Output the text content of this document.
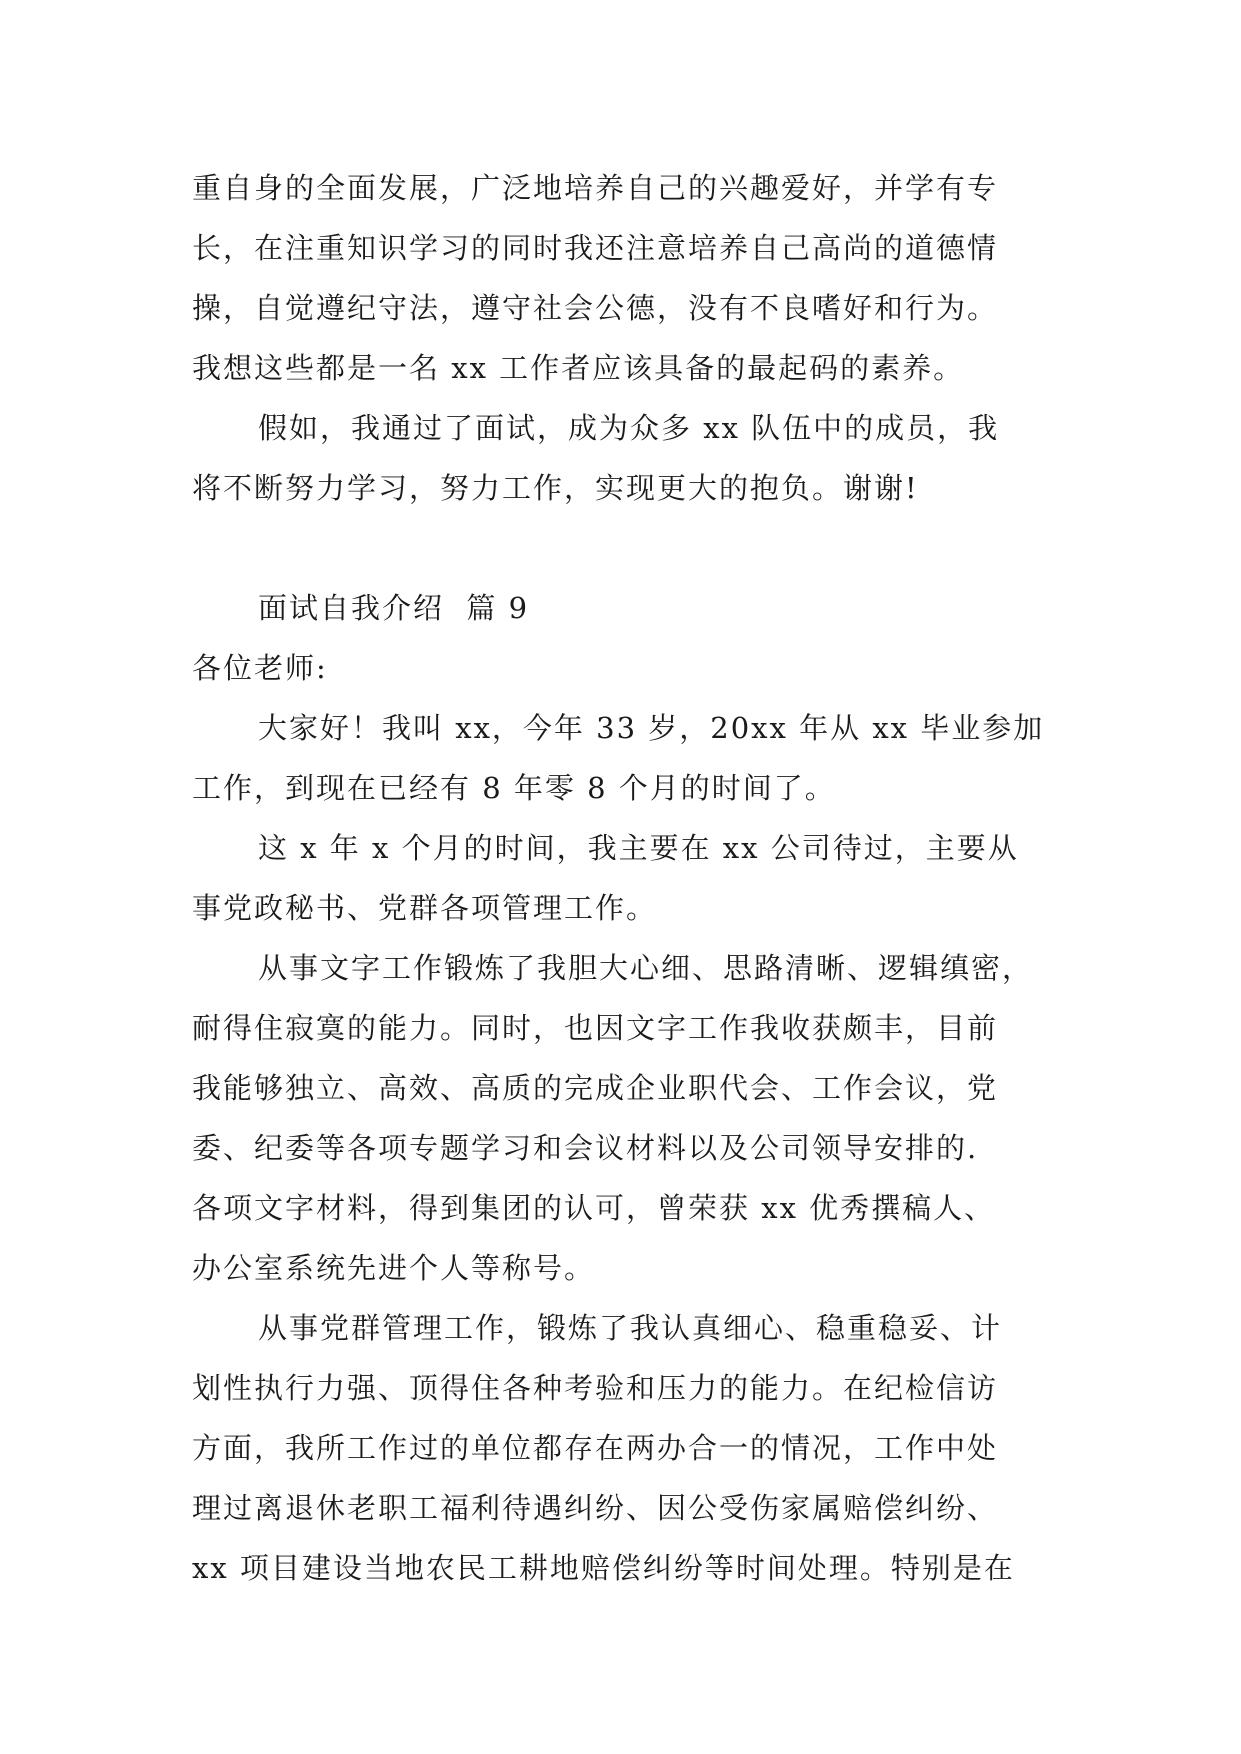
重自身的全面发展，广泛地培养自己的兴趣爱好，并学有专
长，在注重知识学习的同时我还注意培养自己高尚的道德情
操，自觉遵纪守法，遵守社会公德，没有不良嗜好和行为。
我想这些都是一名 xx 工作者应该具备的最起码的素养。
假如，我通过了面试，成为众多 xx 队伍中的成员，我
将不断努力学习，努力工作，实现更大的抱负。谢谢!
面试自我介绍  篇 9
各位老师:
大家好！我叫 xx，今年 33 岁，20xx 年从 xx 毕业参加
工作，到现在已经有 8 年零 8 个月的时间了。
这 x 年 x 个月的时间，我主要在 xx 公司待过，主要从
事党政秘书、党群各项管理工作。
从事文字工作锻炼了我胆大心细、思路清晰、逻辑缜密，
耐得住寂寞的能力。同时，也因文字工作我收获颇丰，目前
我能够独立、高效、高质的完成企业职代会、工作会议，党
委、纪委等各项专题学习和会议材料以及公司领导安排的.
各项文字材料，得到集团的认可，曾荣获 xx 优秀撰稿人、
办公室系统先进个人等称号。
从事党群管理工作，锻炼了我认真细心、稳重稳妥、计
划性执行力强、顶得住各种考验和压力的能力。在纪检信访
方面，我所工作过的单位都存在两办合一的情况，工作中处
理过离退休老职工福利待遇纠纷、因公受伤家属赔偿纠纷、
xx 项目建设当地农民工耕地赔偿纠纷等时间处理。特别是在
